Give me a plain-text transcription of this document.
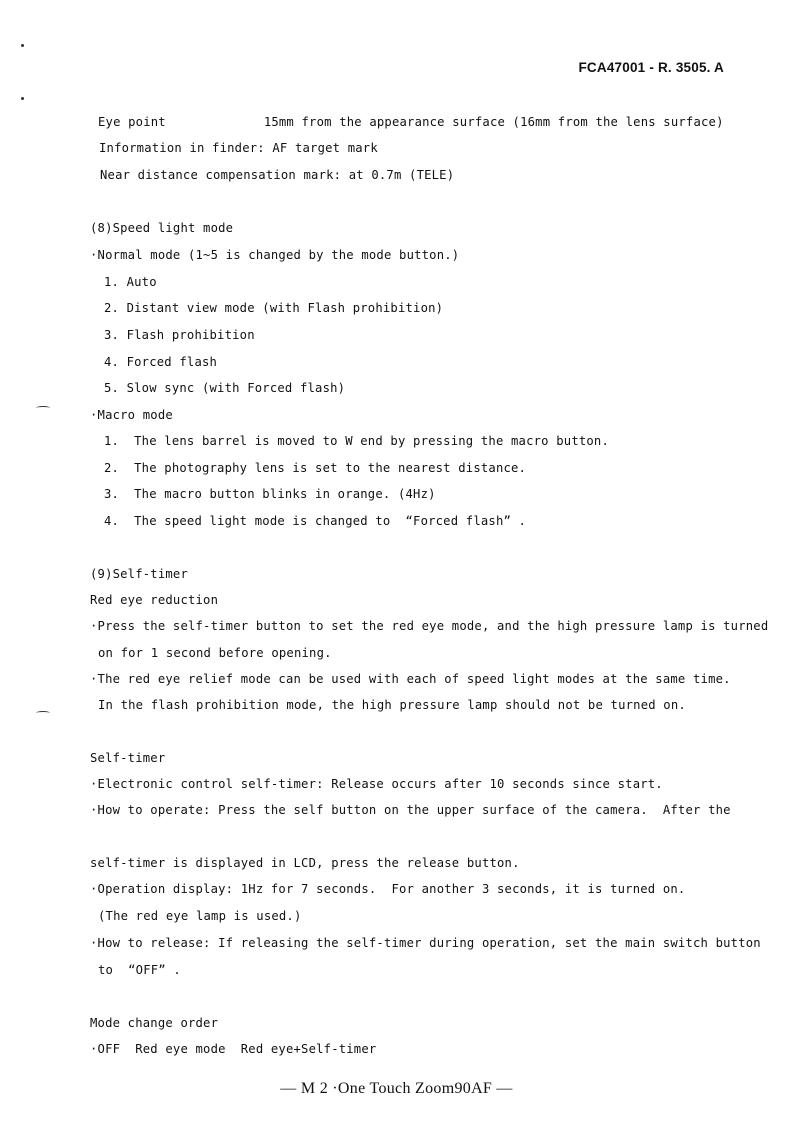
FCA47001 - R. 3505. A
Eye point             15mm from the appearance surface (16mm from the lens surface)
Information in finder: AF target mark
Near distance compensation mark: at 0.7m (TELE)
(8)Speed light mode
·Normal mode (1~5 is changed by the mode button.)
1. Auto
2. Distant view mode (with Flash prohibition)
3. Flash prohibition
4. Forced flash
5. Slow sync (with Forced flash)
·Macro mode
1.  The lens barrel is moved to W end by pressing the macro button.
2.  The photography lens is set to the nearest distance.
3.  The macro button blinks in orange. (4Hz)
4.  The speed light mode is changed to  “Forced flash” .
(9)Self-timer
Red eye reduction
·Press the self-timer button to set the red eye mode, and the high pressure lamp is turned
on for 1 second before opening.
·The red eye relief mode can be used with each of speed light modes at the same time.
In the flash prohibition mode, the high pressure lamp should not be turned on.
Self-timer
·Electronic control self-timer: Release occurs after 10 seconds since start.
·How to operate: Press the self button on the upper surface of the camera.  After the
self-timer is displayed in LCD, press the release button.
·Operation display: 1Hz for 7 seconds.  For another 3 seconds, it is turned on.
(The red eye lamp is used.)
·How to release: If releasing the self-timer during operation, set the main switch button
to  “OFF” .
Mode change order
·OFF  Red eye mode  Red eye+Self-timer
— M 2 ·One Touch Zoom90AF —
